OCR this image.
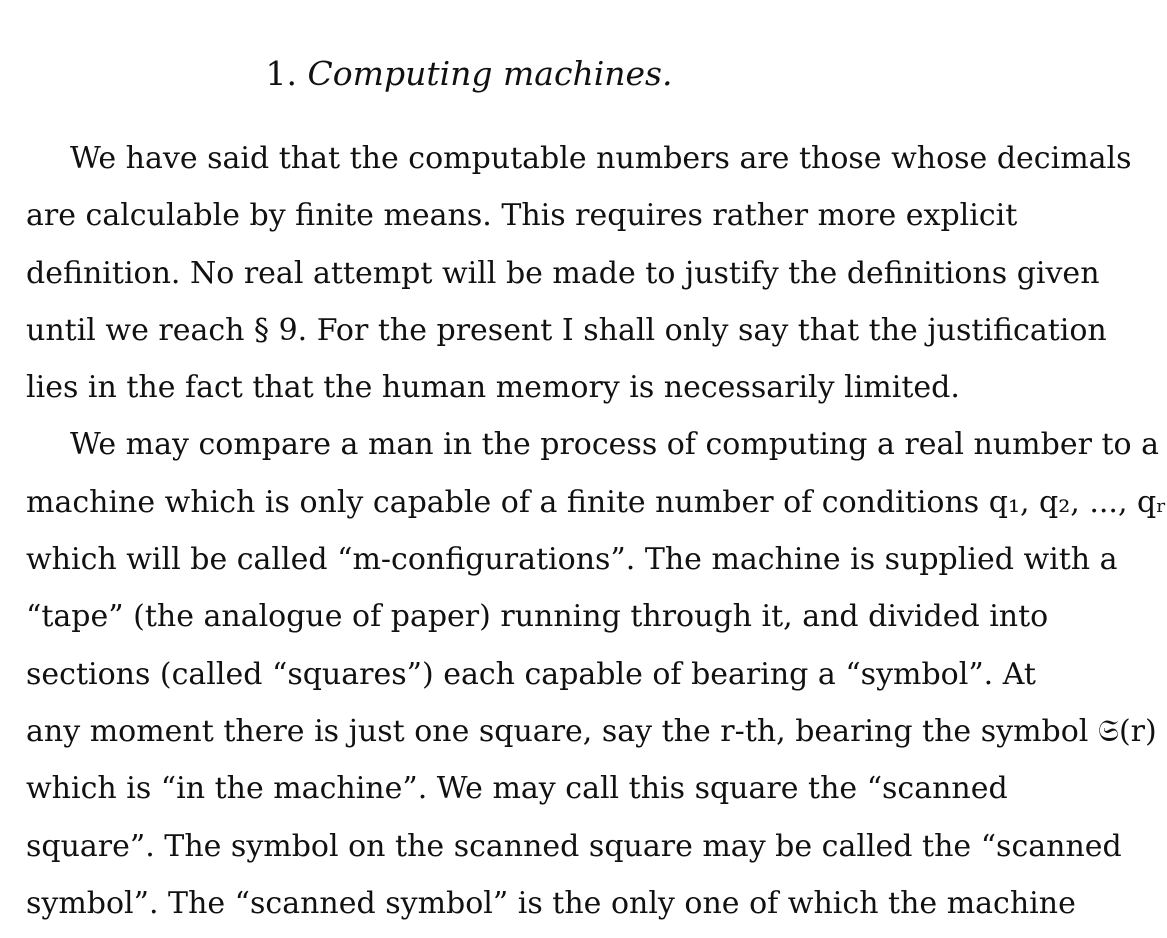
1. Computing machines.
We have said that the computable numbers are those whose decimals
are calculable by finite means. This requires rather more explicit
definition. No real attempt will be made to justify the definitions given
until we reach § 9. For the present I shall only say that the justification
lies in the fact that the human memory is necessarily limited.
We may compare a man in the process of computing a real number to a
machine which is only capable of a finite number of conditions q₁, q₂, ..., qᵣ
which will be called “m-configurations”. The machine is supplied with a
“tape” (the analogue of paper) running through it, and divided into
sections (called “squares”) each capable of bearing a “symbol”. At
any moment there is just one square, say the r-th, bearing the symbol 𝔖(r)
which is “in the machine”. We may call this square the “scanned
square”. The symbol on the scanned square may be called the “scanned
symbol”. The “scanned symbol” is the only one of which the machine
